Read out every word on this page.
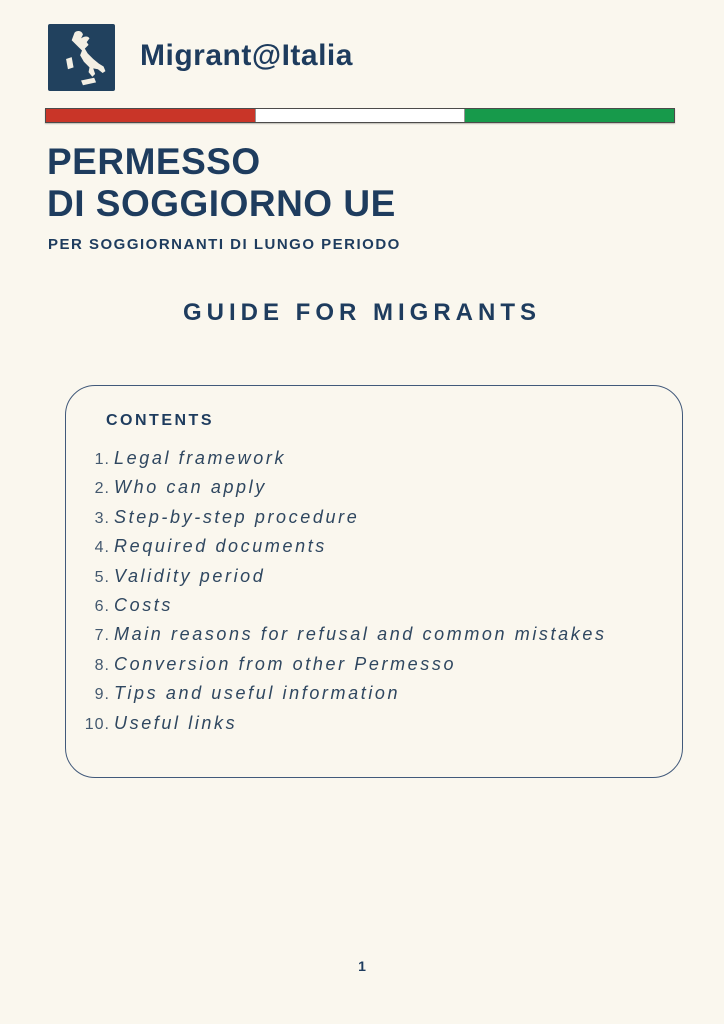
Migrant@Italia
PERMESSO
DI SOGGIORNO UE
PER SOGGIORNANTI DI LUNGO PERIODO
GUIDE FOR MIGRANTS
CONTENTS
1. Legal framework
2. Who can apply
3. Step-by-step procedure
4. Required documents
5. Validity period
6. Costs
7. Main reasons for refusal and common mistakes
8. Conversion from other Permesso
9. Tips and useful information
10. Useful links
1
